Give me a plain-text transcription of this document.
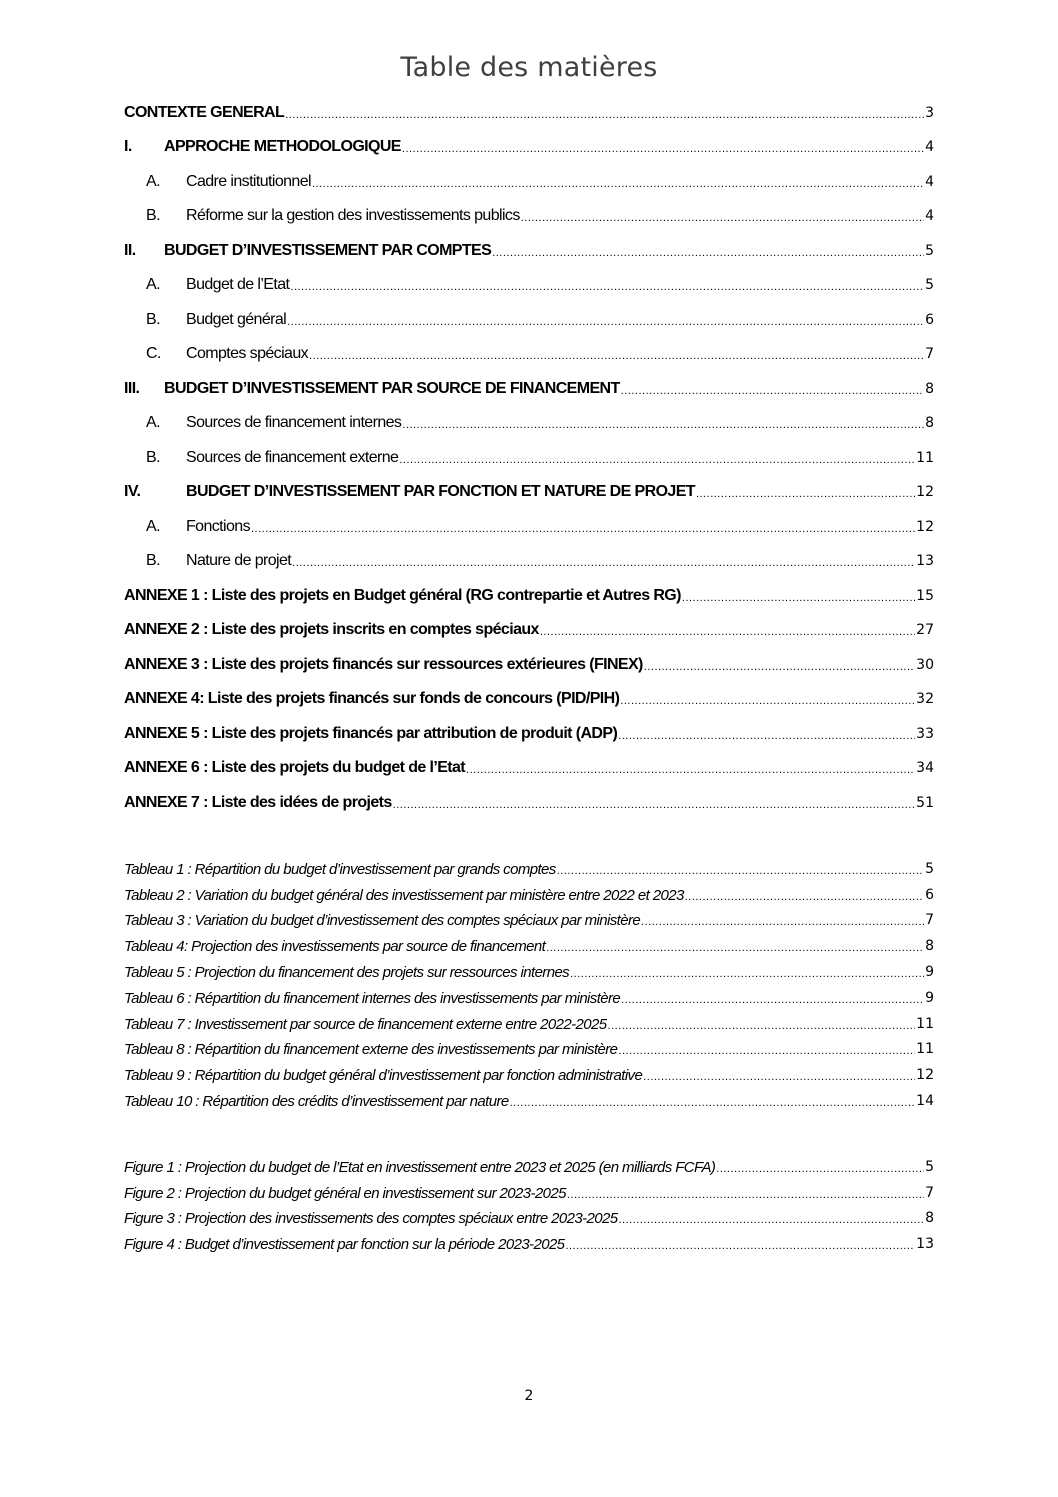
Table des matières
CONTEXTE GENERAL .....	3
I.	APPROCHE METHODOLOGIQUE .....	4
A.	Cadre institutionnel .....	4
B.	Réforme sur la gestion des investissements publics .....	4
II.	BUDGET D’INVESTISSEMENT PAR COMPTES .....	5
A.	Budget de l’Etat .....	5
B.	Budget général .....	6
C.	Comptes spéciaux .....	7
III.	BUDGET D’INVESTISSEMENT PAR SOURCE DE FINANCEMENT .....	8
A.	Sources de financement internes .....	8
B.	Sources de financement externe .....	11
IV.	BUDGET D’INVESTISSEMENT PAR FONCTION ET NATURE DE PROJET .....	12
A.	Fonctions .....	12
B.	Nature de projet .....	13
ANNEXE 1 : Liste des projets en Budget général (RG contrepartie et Autres RG) .....	15
ANNEXE 2 : Liste des projets inscrits en comptes spéciaux .....	27
ANNEXE 3 : Liste des projets financés sur ressources extérieures (FINEX) .....	30
ANNEXE 4: Liste des projets financés sur fonds de concours (PID/PIH) .....	32
ANNEXE 5 : Liste des projets financés par attribution de produit (ADP) .....	33
ANNEXE 6 : Liste des projets du budget de l’Etat .....	34
ANNEXE 7 : Liste des idées de projets .....	51
Tableau 1 : Répartition du budget d’investissement par grands comptes .....	5
Tableau 2 : Variation du budget général des investissement par ministère entre 2022 et 2023 .....	6
Tableau 3 : Variation du budget d’investissement des comptes spéciaux par ministère .....	7
Tableau 4: Projection des investissements par source de financement .....	8
Tableau 5 : Projection du financement des projets sur ressources internes .....	9
Tableau 6 : Répartition du financement internes des investissements par ministère .....	9
Tableau 7 : Investissement par source de financement externe entre 2022-2025 .....	11
Tableau 8 : Répartition du financement externe des investissements par ministère .....	11
Tableau 9 : Répartition du budget général d’investissement par fonction administrative .....	12
Tableau 10 : Répartition des crédits d’investissement par nature .....	14
Figure 1 : Projection du budget de l’Etat en investissement entre 2023 et 2025 (en milliards FCFA) .....	5
Figure 2 : Projection du budget général en investissement sur 2023-2025 .....	7
Figure 3 : Projection des investissements des comptes spéciaux entre 2023-2025 .....	8
Figure 4 : Budget d’investissement par fonction sur la période 2023-2025 .....	13
2
